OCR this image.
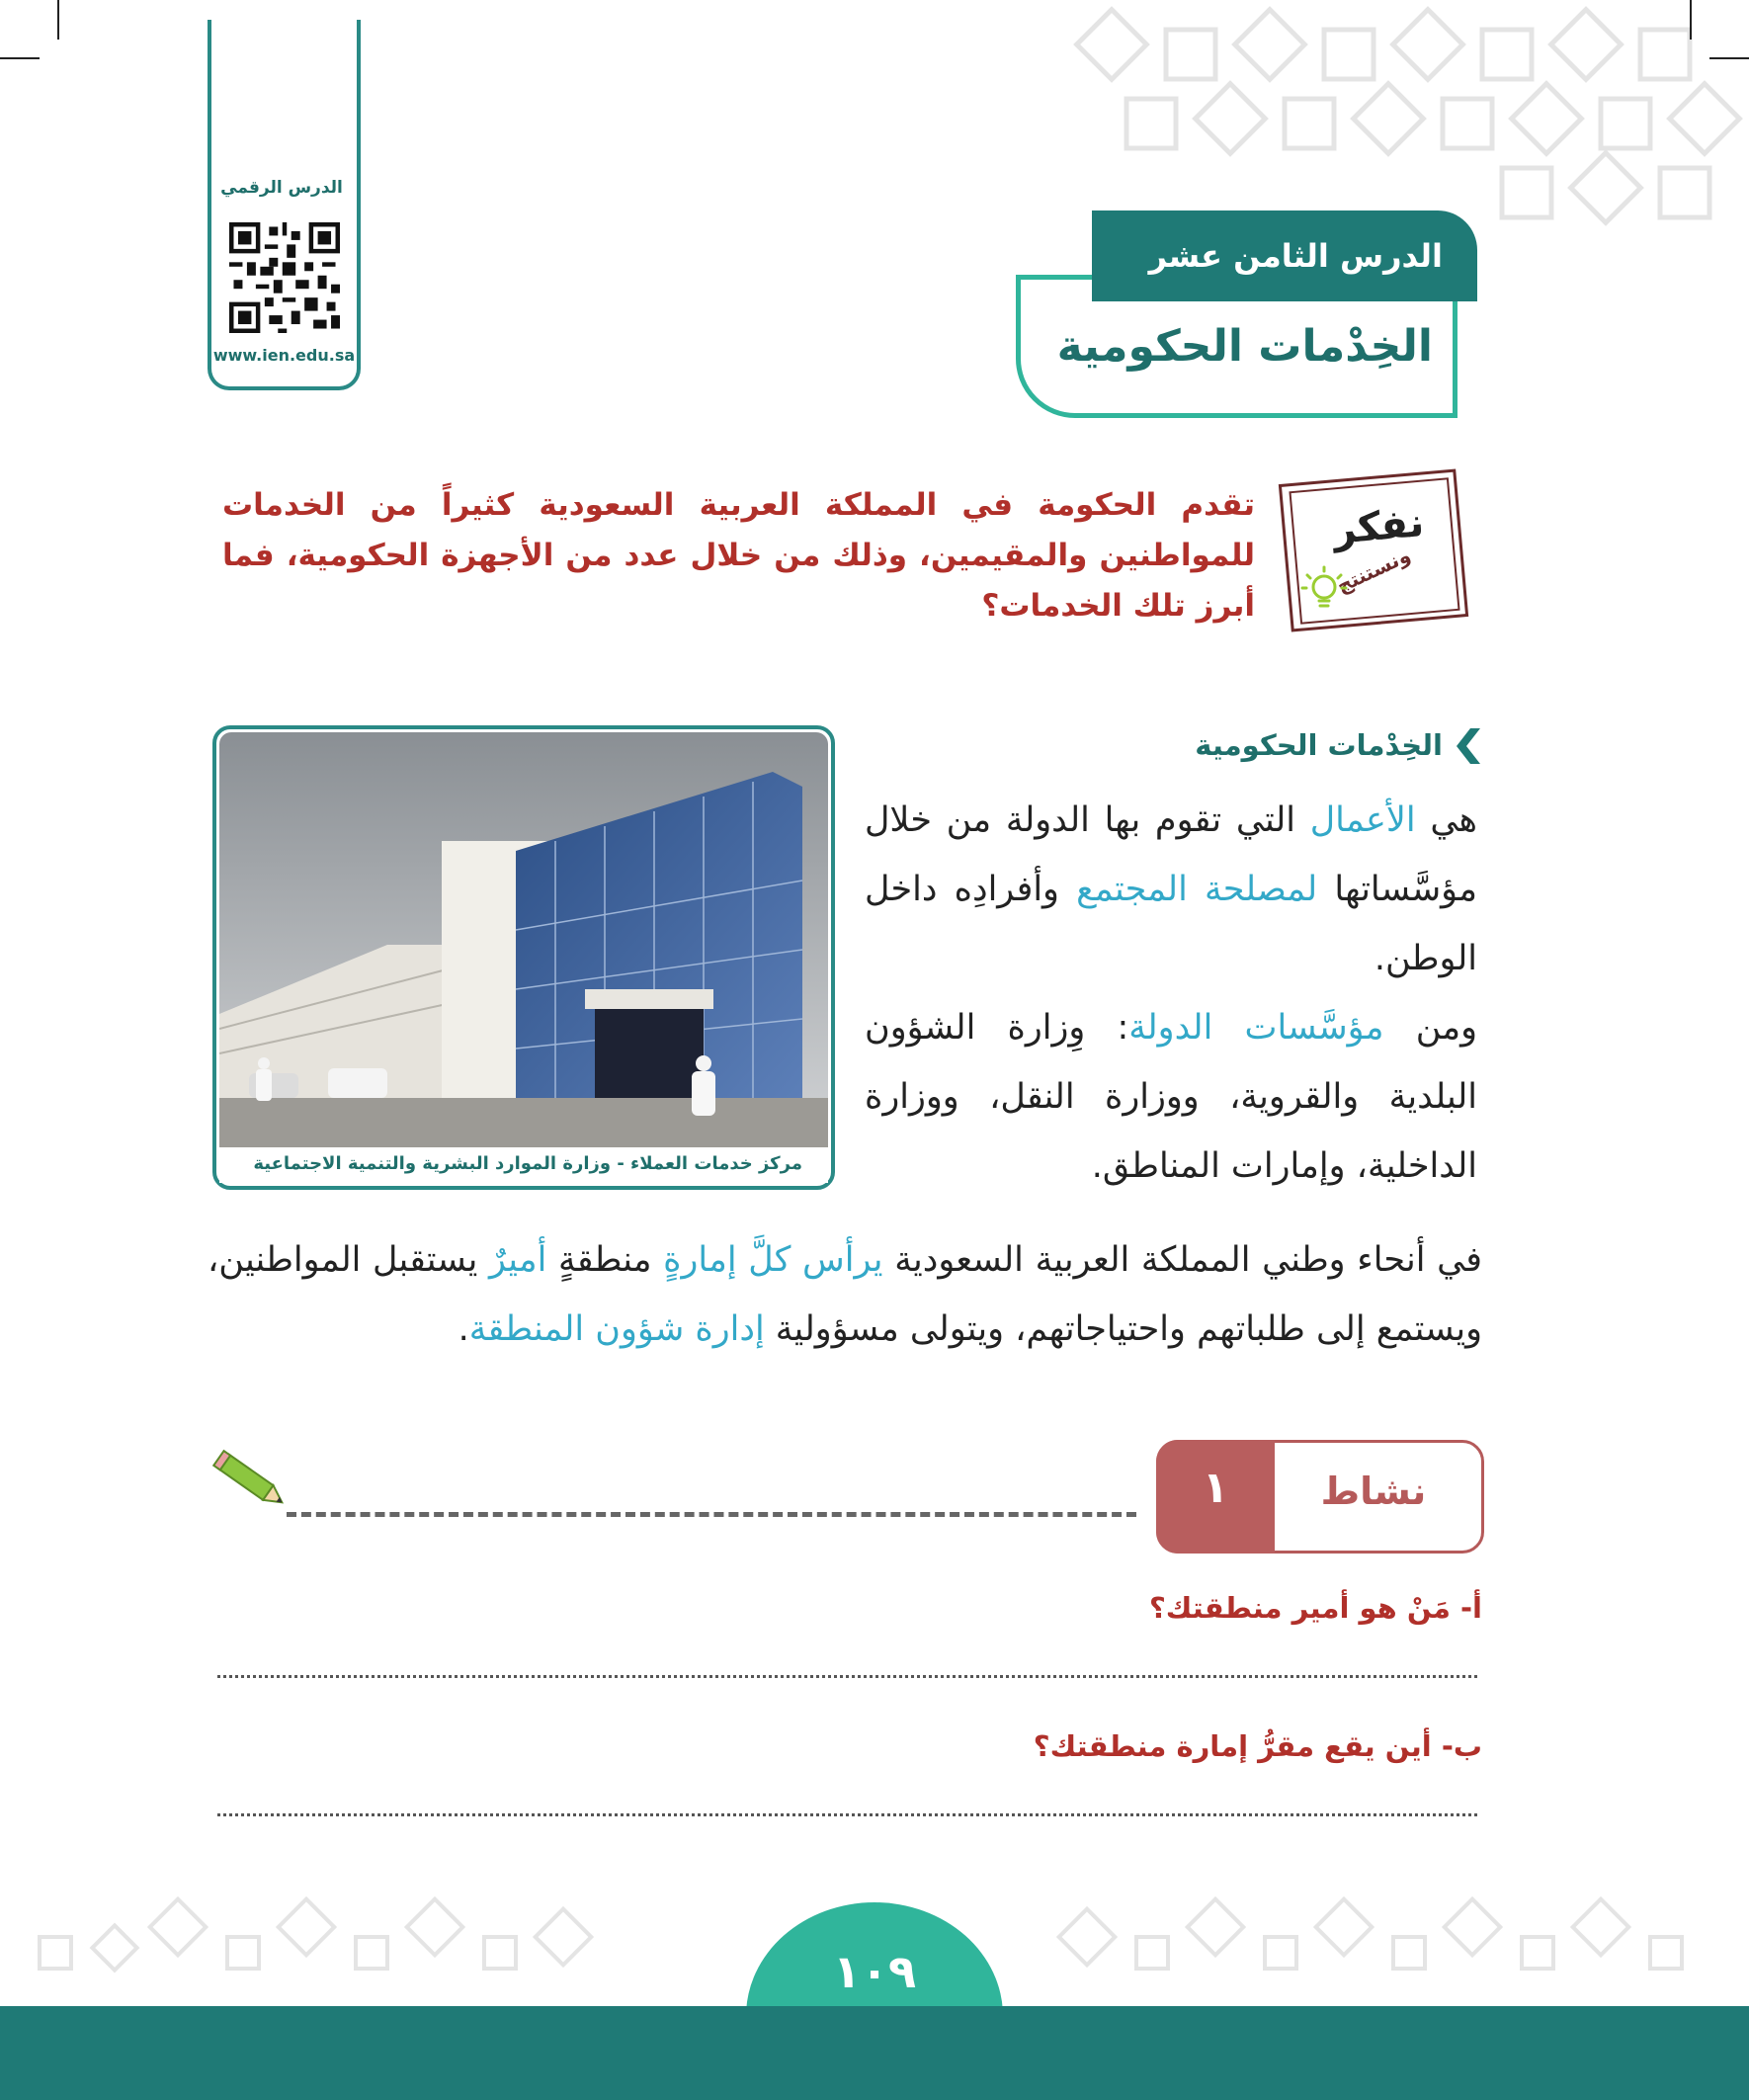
الدرس الرقمي
www.ien.edu.sa
الدرس الثامن عشر
الخِدْمات الحكومية
نفكر
ونستنتج
تقدم الحكومة في المملكة العربية السعودية كثيراً من الخدمات للمواطنين والمقيمين، وذلك من خلال عدد من الأجهزة الحكومية، فما أبرز تلك الخدمات؟
مركز خدمات العملاء - وزارة الموارد البشرية والتنمية الاجتماعية
الخِدْمات الحكومية
هي الأعمال التي تقوم بها الدولة من خلال مؤسَّساتها لمصلحة المجتمع وأفرادِه داخل الوطن.
ومن مؤسَّسات الدولة: وِزارة الشؤون البلدية والقروية، ووزارة النقل، ووزارة الداخلية، وإمارات المناطق.
في أنحاء وطني المملكة العربية السعودية يرأس كلَّ إمارةٍ منطقةٍ أميرٌ يستقبل المواطنين، ويستمع إلى طلباتهم واحتياجاتهم، ويتولى مسؤولية إدارة شؤون المنطقة.
١	نشاط
أ- مَنْ هو أمير منطقتك؟
ب- أين يقع مقرُّ إمارة منطقتك؟
١٠٩
